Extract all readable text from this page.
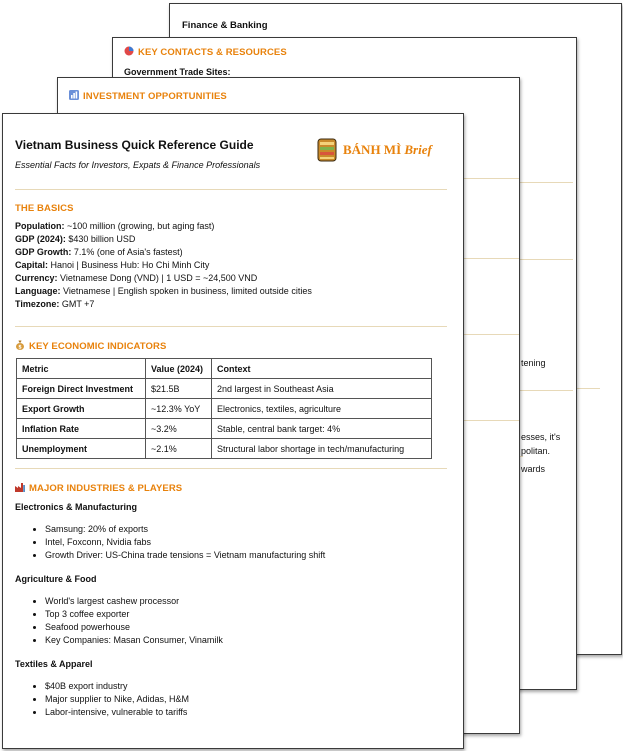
Finance & Banking
KEY CONTACTS & RESOURCES
Government Trade Sites:
tening
esses, it's
politan.
wards
INVESTMENT OPPORTUNITIES
Vietnam Business Quick Reference Guide
Essential Facts for Investors, Expats & Finance Professionals
BÁNH MÌ Brief
THE BASICS
Population: ~100 million (growing, but aging fast)
GDP (2024): $430 billion USD
GDP Growth: 7.1% (one of Asia's fastest)
Capital: Hanoi | Business Hub: Ho Chi Minh City
Currency: Vietnamese Dong (VND) | 1 USD = ~24,500 VND
Language: Vietnamese | English spoken in business, limited outside cities
Timezone: GMT +7
$ KEY ECONOMIC INDICATORS
Metric	Value (2024)	Context
Foreign Direct Investment	$21.5B	2nd largest in Southeast Asia
Export Growth	~12.3% YoY	Electronics, textiles, agriculture
Inflation Rate	~3.2%	Stable, central bank target: 4%
Unemployment	~2.1%	Structural labor shortage in tech/manufacturing
MAJOR INDUSTRIES & PLAYERS
Electronics & Manufacturing
• Samsung: 20% of exports
• Intel, Foxconn, Nvidia fabs
• Growth Driver: US-China trade tensions = Vietnam manufacturing shift
Agriculture & Food
• World's largest cashew processor
• Top 3 coffee exporter
• Seafood powerhouse
• Key Companies: Masan Consumer, Vinamilk
Textiles & Apparel
• $40B export industry
• Major supplier to Nike, Adidas, H&M
• Labor-intensive, vulnerable to tariffs
